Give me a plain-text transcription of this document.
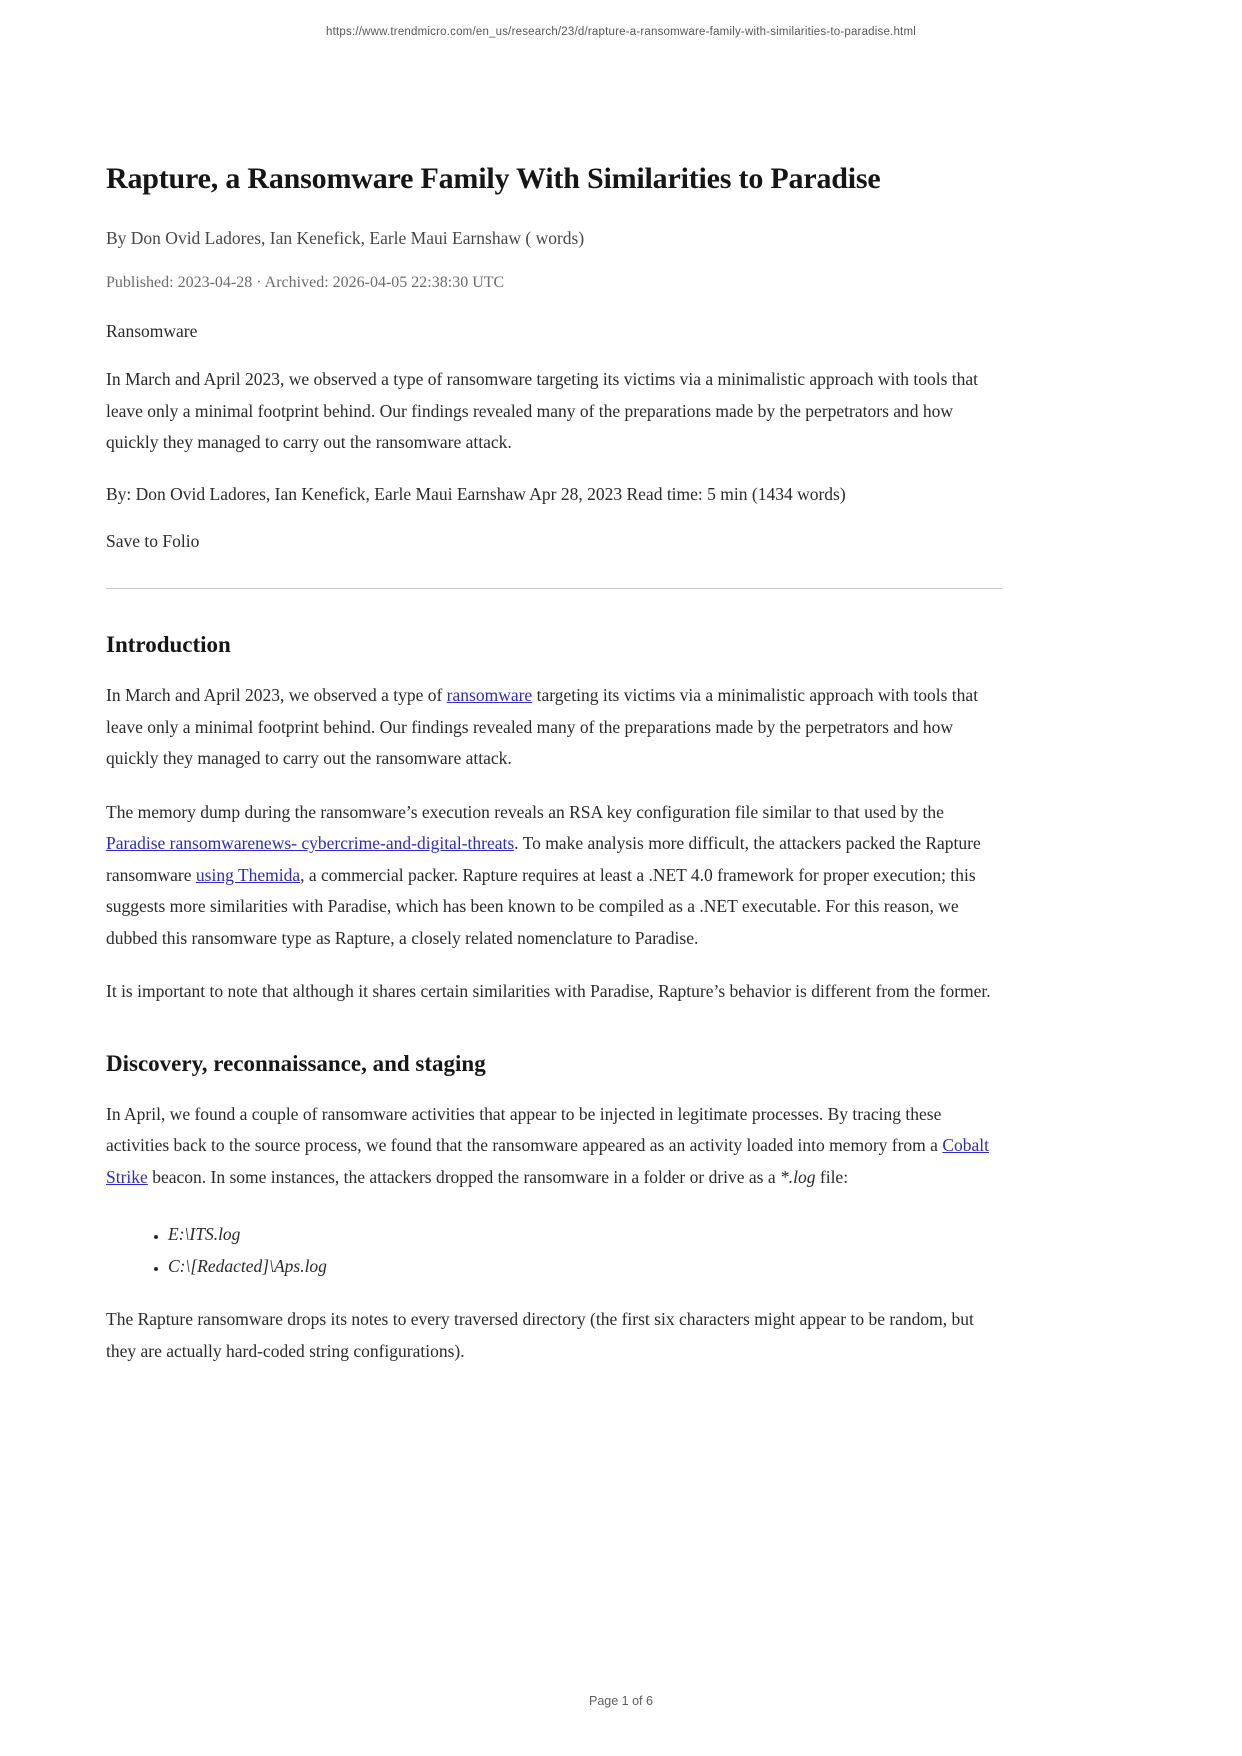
https://www.trendmicro.com/en_us/research/23/d/rapture-a-ransomware-family-with-similarities-to-paradise.html
Rapture, a Ransomware Family With Similarities to Paradise
By Don Ovid Ladores, Ian Kenefick, Earle Maui Earnshaw ( words)
Published: 2023-04-28 · Archived: 2026-04-05 22:38:30 UTC
Ransomware

In March and April 2023, we observed a type of ransomware targeting its victims via a minimalistic approach with tools that leave only a minimal footprint behind. Our findings revealed many of the preparations made by the perpetrators and how quickly they managed to carry out the ransomware attack.

By: Don Ovid Ladores, Ian Kenefick, Earle Maui Earnshaw Apr 28, 2023 Read time: 5 min (1434 words)

Save to Folio
Introduction

In March and April 2023, we observed a type of ransomware targeting its victims via a minimalistic approach with tools that leave only a minimal footprint behind. Our findings revealed many of the preparations made by the perpetrators and how quickly they managed to carry out the ransomware attack.

The memory dump during the ransomware’s execution reveals an RSA key configuration file similar to that used by the Paradise ransomwarenews- cybercrime-and-digital-threats. To make analysis more difficult, the attackers packed the Rapture ransomware using Themida, a commercial packer. Rapture requires at least a .NET 4.0 framework for proper execution; this suggests more similarities with Paradise, which has been known to be compiled as a .NET executable. For this reason, we dubbed this ransomware type as Rapture, a closely related nomenclature to Paradise.

It is important to note that although it shares certain similarities with Paradise, Rapture’s behavior is different from the former.

Discovery, reconnaissance, and staging

In April, we found a couple of ransomware activities that appear to be injected in legitimate processes. By tracing these activities back to the source process, we found that the ransomware appeared as an activity loaded into memory from a Cobalt Strike beacon. In some instances, the attackers dropped the ransomware in a folder or drive as a *.log file:

• E:\ITS.log
• C:\[Redacted]\Aps.log

The Rapture ransomware drops its notes to every traversed directory (the first six characters might appear to be random, but they are actually hard-coded string configurations).

Page 1 of 6
